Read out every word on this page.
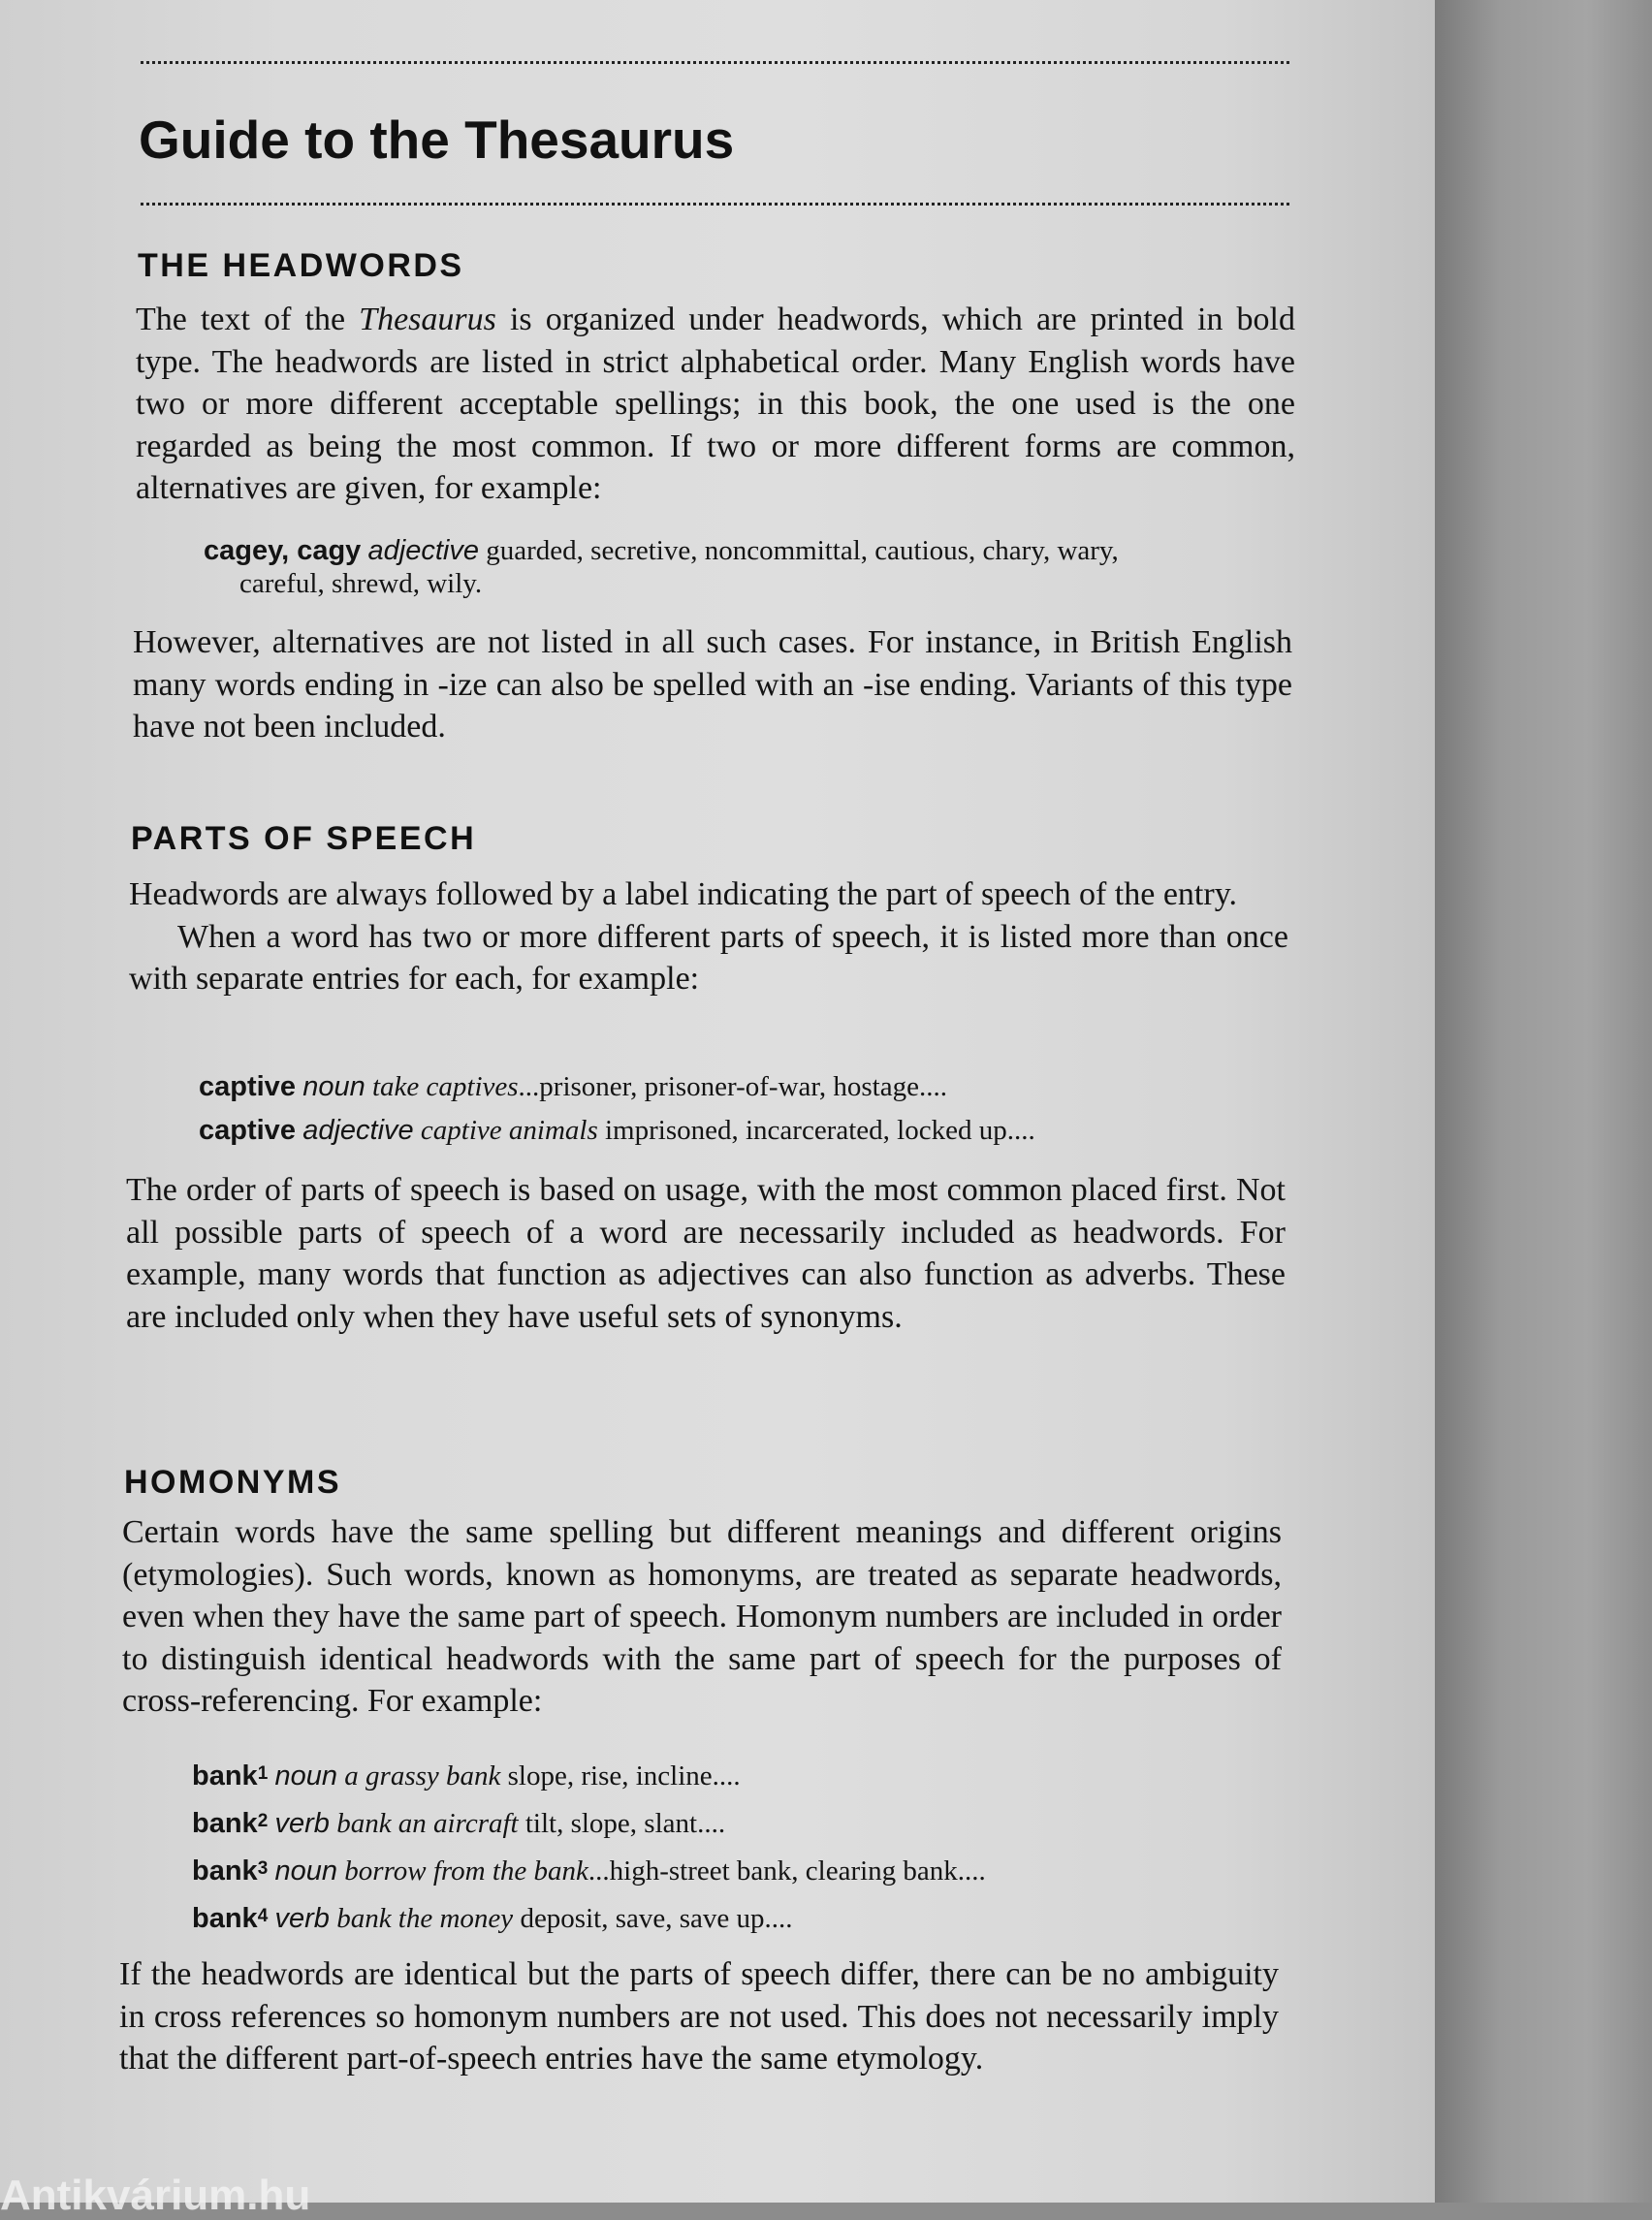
Guide to the Thesaurus
THE HEADWORDS

The text of the Thesaurus is organized under headwords, which are printed in bold type. The headwords are listed in strict alphabetical order. Many English words have two or more different acceptable spellings; in this book, the one used is the one regarded as being the most common. If two or more different forms are common, alternatives are given, for example:

cagey, cagy adjective guarded, secretive, noncommittal, cautious, chary, wary,
careful, shrewd, wily.

However, alternatives are not listed in all such cases. For instance, in British English many words ending in -ize can also be spelled with an -ise ending. Variants of this type have not been included.

PARTS OF SPEECH

Headwords are always followed by a label indicating the part of speech of the entry.
When a word has two or more different parts of speech, it is listed more than once with separate entries for each, for example:

captive noun take captives...prisoner, prisoner-of-war, hostage....
captive adjective captive animals imprisoned, incarcerated, locked up....

The order of parts of speech is based on usage, with the most common placed first. Not all possible parts of speech of a word are necessarily included as headwords. For example, many words that function as adjectives can also function as adverbs. These are included only when they have useful sets of synonyms.

HOMONYMS

Certain words have the same spelling but different meanings and different origins (etymologies). Such words, known as homonyms, are treated as separate headwords, even when they have the same part of speech. Homonym numbers are included in order to distinguish identical headwords with the same part of speech for the purposes of cross-referencing. For example:

bank$^1$ noun a grassy bank slope, rise, incline....
bank$^2$ verb bank an aircraft tilt, slope, slant....
bank$^3$ noun borrow from the bank...high-street bank, clearing bank....
bank$^4$ verb bank the money deposit, save, save up....

If the headwords are identical but the parts of speech differ, there can be no ambiguity in cross references so homonym numbers are not used. This does not necessarily imply that the different part-of-speech entries have the same etymology.

Antikvárium.hu
